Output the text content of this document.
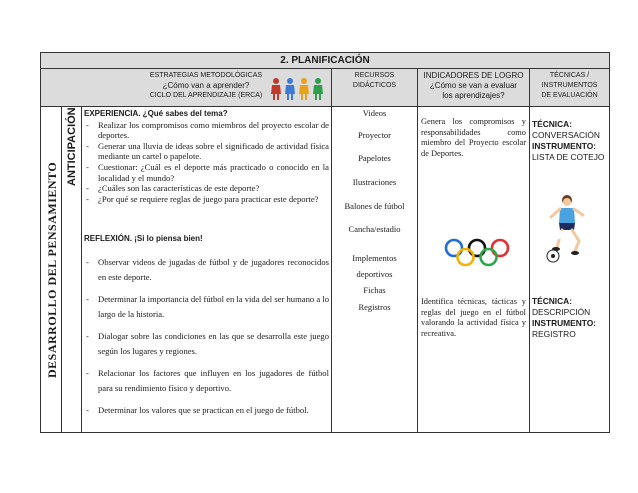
2. PLANIFICACIÓN
ESTRATEGIAS METODOLÓGICAS
¿Cómo van a aprender?
CICLO DEL APRENDIZAJE (ERCA)
RECURSOS
DIDÁCTICOS
INDICADORES DE LOGRO
¿Cómo se van a evaluar
los aprendizajes?
TÉCNICAS /
INSTRUMENTOS
DE EVALUACIÓN
DESARROLLO DEL PENSAMIENTO
ANTICIPACIÓN EXPERIENCIA. ¿Qué sabes del tema?
- Realizar los compromisos como miembros del proyecto escolar de deportes.
- Generar una lluvia de ideas sobre el significado de actividad física mediante un cartel o papelote.
- Cuestionar: ¿Cuál es el deporte más practicado o conocido en la localidad y el mundo?
- ¿Cuáles son las características de este deporte?
- ¿Por qué se requiere reglas de juego para practicar este deporte?
REFLEXIÓN. ¡Si lo piensa bien!
- Observar videos de jugadas de fútbol y de jugadores reconocidos en este deporte.
- Determinar la importancia del fútbol en la vida del ser humano a lo largo de la historia.
- Dialogar sobre las condiciones en las que se desarrolla este juego según los lugares y regiones.
- Relacionar los factores que influyen en los jugadores de fútbol para su rendimiento físico y deportivo.
- Determinar los valores que se practican en el juego de fútbol.
Videos
Proyector
Papelotes
Ilustraciones
Balones de fútbol
Cancha/estadio
Implementos
deportivos
Fichas
Registros
Genera los compromisos y responsabilidades como miembro del Proyecto escolar de Deportes.
Identifica técnicas, tácticas y reglas del juego en el fútbol valorando la actividad física y recreativa.
TÉCNICA:
CONVERSACIÓN
INSTRUMENTO:
LISTA DE COTEJO
TÉCNICA:
DESCRIPCIÓN
INSTRUMENTO:
REGISTRO
